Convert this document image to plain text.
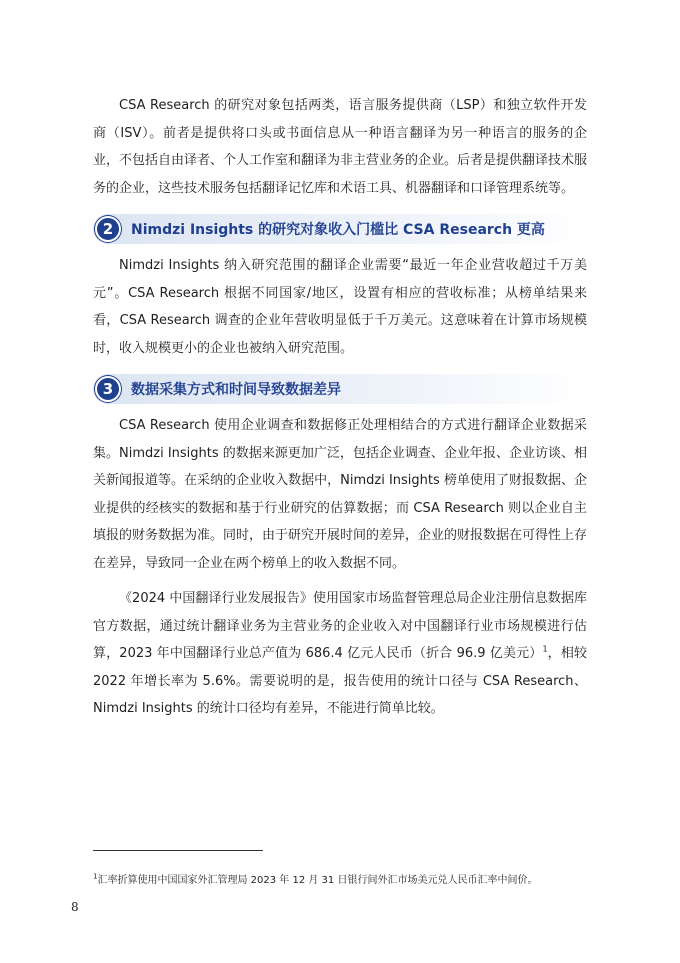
CSA Research 的研究对象包括两类，语言服务提供商（LSP）和独立软件开发商（ISV）。前者是提供将口头或书面信息从一种语言翻译为另一种语言的服务的企业，不包括自由译者、个人工作室和翻译为非主营业务的企业。后者是提供翻译技术服务的企业，这些技术服务包括翻译记忆库和术语工具、机器翻译和口译管理系统等。

2	Nimdzi Insights 的研究对象收入门槛比 CSA Research 更高

Nimdzi Insights 纳入研究范围的翻译企业需要“最近一年企业营收超过千万美元”。CSA Research 根据不同国家/地区，设置有相应的营收标准；从榜单结果来看，CSA Research 调查的企业年营收明显低于千万美元。这意味着在计算市场规模时，收入规模更小的企业也被纳入研究范围。

3	数据采集方式和时间导致数据差异

CSA Research 使用企业调查和数据修正处理相结合的方式进行翻译企业数据采集。Nimdzi Insights 的数据来源更加广泛，包括企业调查、企业年报、企业访谈、相关新闻报道等。在采纳的企业收入数据中，Nimdzi Insights 榜单使用了财报数据、企业提供的经核实的数据和基于行业研究的估算数据；而 CSA Research 则以企业自主填报的财务数据为准。同时，由于研究开展时间的差异，企业的财报数据在可得性上存在差异，导致同一企业在两个榜单上的收入数据不同。

《2024 中国翻译行业发展报告》使用国家市场监督管理总局企业注册信息数据库官方数据，通过统计翻译业务为主营业务的企业收入对中国翻译行业市场规模进行估算，2023 年中国翻译行业总产值为 686.4 亿元人民币（折合 96.9 亿美元）$^1$，相较 2022 年增长率为 5.6%。需要说明的是，报告使用的统计口径与 CSA Research、Nimdzi Insights 的统计口径均有差异，不能进行简单比较。

$^1$汇率折算使用中国国家外汇管理局 2023 年 12 月 31 日银行间外汇市场美元兑人民币汇率中间价。
8
